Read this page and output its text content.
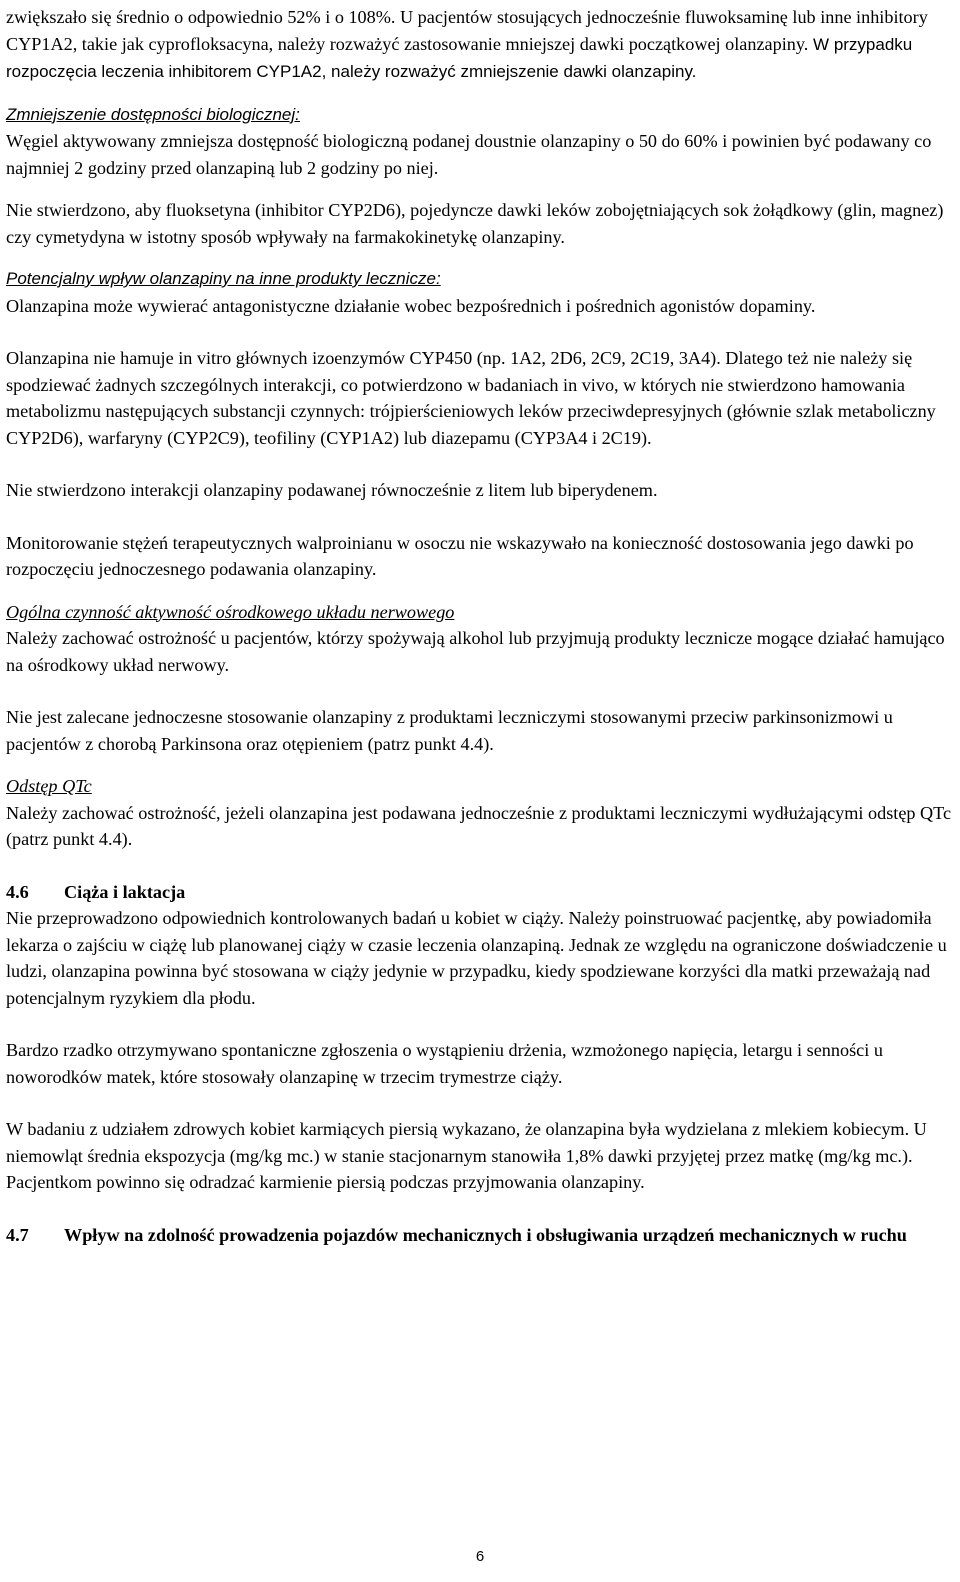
zwiększało się średnio o odpowiednio 52% i o 108%. U pacjentów stosujących jednocześnie fluwoksaminę lub inne inhibitory CYP1A2, takie jak cyprofloksacyna, należy rozważyć zastosowanie mniejszej dawki początkowej olanzapiny. W przypadku rozpoczęcia leczenia inhibitorem CYP1A2, należy rozważyć zmniejszenie dawki olanzapiny.

Zmniejszenie dostępności biologicznej:

Węgiel aktywowany zmniejsza dostępność biologiczną podanej doustnie olanzapiny o 50 do 60% i powinien być podawany co najmniej 2 godziny przed olanzapiną lub 2 godziny po niej.

Nie stwierdzono, aby fluoksetyna (inhibitor CYP2D6), pojedyncze dawki leków zobojętniających sok żołądkowy (glin, magnez) czy cymetydyna w istotny sposób wpływały na farmakokinetykę olanzapiny.

Potencjalny wpływ olanzapiny na inne produkty lecznicze:

Olanzapina może wywierać antagonistyczne działanie wobec bezpośrednich i pośrednich agonistów dopaminy.

Olanzapina nie hamuje in vitro głównych izoenzymów CYP450 (np. 1A2, 2D6, 2C9, 2C19, 3A4). Dlatego też nie należy się spodziewać żadnych szczególnych interakcji, co potwierdzono w badaniach in vivo, w których nie stwierdzono hamowania metabolizmu następujących substancji czynnych: trójpierścieniowych leków przeciwdepresyjnych (głównie szlak metaboliczny CYP2D6), warfaryny (CYP2C9), teofiliny (CYP1A2) lub diazepamu (CYP3A4 i 2C19).

Nie stwierdzono interakcji olanzapiny podawanej równocześnie z litem lub biperydenem.

Monitorowanie stężeń terapeutycznych walproinianu w osoczu nie wskazywało na konieczność dostosowania jego dawki po rozpoczęciu jednoczesnego podawania olanzapiny.

Ogólna czynność aktywność ośrodkowego układu nerwowego

Należy zachować ostrożność u pacjentów, którzy spożywają alkohol lub przyjmują produkty lecznicze mogące działać hamująco na ośrodkowy układ nerwowy.

Nie jest zalecane jednoczesne stosowanie olanzapiny z produktami leczniczymi stosowanymi przeciw parkinsonizmowi u pacjentów z chorobą Parkinsona oraz otępieniem (patrz punkt 4.4).

Odstęp QTc

Należy zachować ostrożność, jeżeli olanzapina jest podawana jednocześnie z produktami leczniczymi wydłużającymi odstęp QTc (patrz punkt 4.4).

4.6	Ciąża i laktacja

Nie przeprowadzono odpowiednich kontrolowanych badań u kobiet w ciąży. Należy poinstruować pacjentkę, aby powiadomiła lekarza o zajściu w ciążę lub planowanej ciąży w czasie leczenia olanzapiną. Jednak ze względu na ograniczone doświadczenie u ludzi, olanzapina powinna być stosowana w ciąży jedynie w przypadku, kiedy spodziewane korzyści dla matki przeważają nad potencjalnym ryzykiem dla płodu.

Bardzo rzadko otrzymywano spontaniczne zgłoszenia o wystąpieniu drżenia, wzmożonego napięcia, letargu i senności u noworodków matek, które stosowały olanzapinę w trzecim trymestrze ciąży.

W badaniu z udziałem zdrowych kobiet karmiących piersią wykazano, że olanzapina była wydzielana z mlekiem kobiecym. U niemowląt średnia ekspozycja (mg/kg mc.) w stanie stacjonarnym stanowiła 1,8% dawki przyjętej przez matkę (mg/kg mc.). Pacjentkom powinno się odradzać karmienie piersią podczas przyjmowania olanzapiny.

4.7	Wpływ na zdolność prowadzenia pojazdów mechanicznych i obsługiwania urządzeń mechanicznych w ruchu
6
